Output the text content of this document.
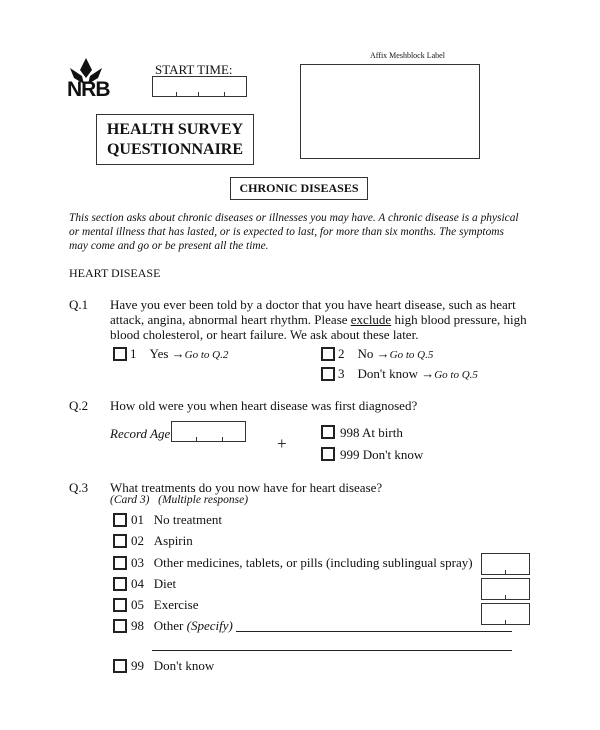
NRB
START TIME:
Affix Meshblock Label
HEALTH SURVEY
QUESTIONNAIRE
CHRONIC DISEASES
This section asks about chronic diseases or illnesses you may have. A chronic disease is a physical
or mental illness that has lasted, or is expected to last, for more than six months. The symptoms
may come and go or be present all the time.
HEART DISEASE
Q.1 Have you ever been told by a doctor that you have heart disease, such as heart
attack, angina, abnormal heart rhythm. Please exclude high blood pressure, high
blood cholesterol, or heart failure. We ask about these later.
1 Yes →Go to Q.2	2 No →Go to Q.5
3 Don't know →Go to Q.5
Q.2 How old were you when heart disease was first diagnosed?
Record Age
+
998 At birth
999 Don't know
Q.3 What treatments do you now have for heart disease?
(Card 3)   (Multiple response)
01 No treatment
02 Aspirin
03 Other medicines, tablets, or pills (including sublingual spray)
04 Diet
05 Exercise
98 Other (Specify)
99 Don't know
